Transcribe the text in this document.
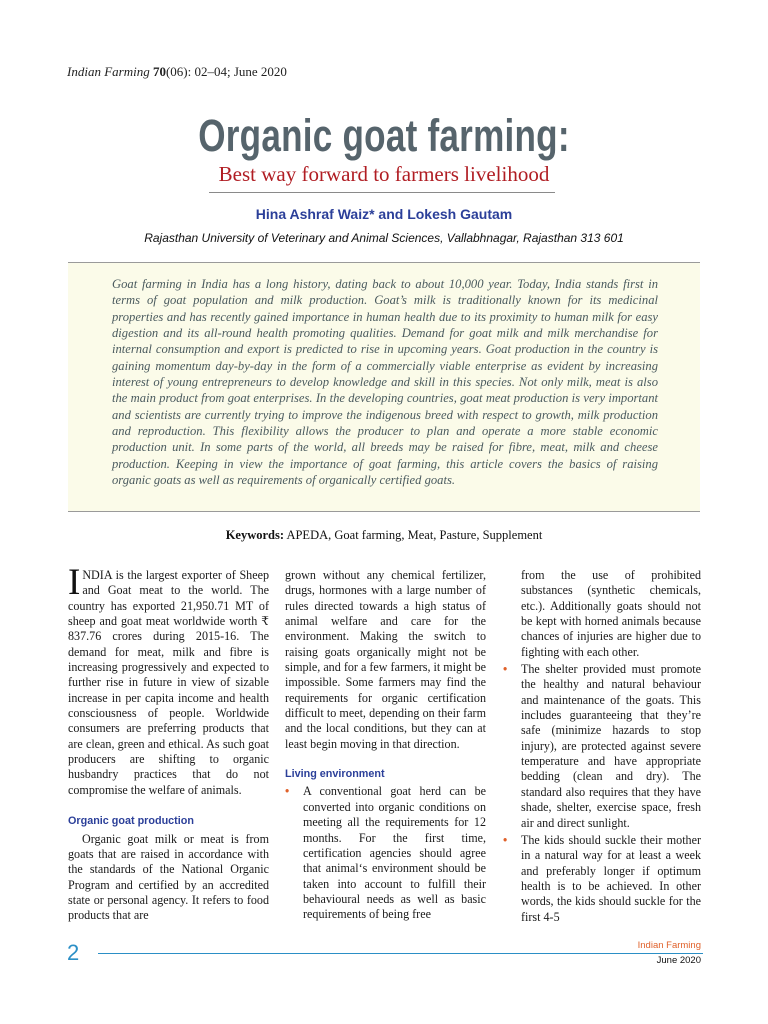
Indian Farming 70(06): 02–04; June 2020
Organic goat farming:
Best way forward to farmers livelihood
Hina Ashraf Waiz* and Lokesh Gautam
Rajasthan University of Veterinary and Animal Sciences, Vallabhnagar, Rajasthan 313 601
Goat farming in India has a long history, dating back to about 10,000 year. Today, India stands first in terms of goat population and milk production. Goat’s milk is traditionally known for its medicinal properties and has recently gained importance in human health due to its proximity to human milk for easy digestion and its all-round health promoting qualities. Demand for goat milk and milk merchandise for internal consumption and export is predicted to rise in upcoming years. Goat production in the country is gaining momentum day-by-day in the form of a commercially viable enterprise as evident by increasing interest of young entrepreneurs to develop knowledge and skill in this species. Not only milk, meat is also the main product from goat enterprises. In the developing countries, goat meat production is very important and scientists are currently trying to improve the indigenous breed with respect to growth, milk production and reproduction. This flexibility allows the producer to plan and operate a more stable economic production unit. In some parts of the world, all breeds may be raised for fibre, meat, milk and cheese production. Keeping in view the importance of goat farming, this article covers the basics of raising organic goats as well as requirements of organically certified goats.
Keywords: APEDA, Goat farming, Meat, Pasture, Supplement

INDIA is the largest exporter of Sheep and Goat meat to the world. The country has exported 21,950.71 MT of sheep and goat meat worldwide worth ₹ 837.76 crores during 2015-16. The demand for meat, milk and fibre is increasing progressively and expected to further rise in future in view of sizable increase in per capita income and health consciousness of people. Worldwide consumers are preferring products that are clean, green and ethical. As such goat producers are shifting to organic husbandry practices that do not compromise the welfare of animals.

Organic goat production

Organic goat milk or meat is from goats that are raised in accordance with the standards of the National Organic Program and certified by an accredited state or personal agency. It refers to food products that are

grown without any chemical fertilizer, drugs, hormones with a large number of rules directed towards a high status of animal welfare and care for the environment. Making the switch to raising goats organically might not be simple, and for a few farmers, it might be impossible. Some farmers may find the requirements for organic certification difficult to meet, depending on their farm and the local conditions, but they can at least begin moving in that direction.

Living environment
• A conventional goat herd can be converted into organic conditions on meeting all the requirements for 12 months. For the first time, certification agencies should agree that animal‘s environment should be taken into account to fulfill their behavioural needs as well as basic requirements of being free
from the use of prohibited substances (synthetic chemicals, etc.). Additionally goats should not be kept with horned animals because chances of injuries are higher due to fighting with each other.
• The shelter provided must promote the healthy and natural behaviour and maintenance of the goats. This includes guaranteeing that they’re safe (minimize hazards to stop injury), are protected against severe temperature and have appropriate bedding (clean and dry). The standard also requires that they have shade, shelter, exercise space, fresh air and direct sunlight.
• The kids should suckle their mother in a natural way for at least a week and preferably longer if optimum health is to be achieved. In other words, the kids should suckle for the first 4-5
2	Indian Farming
June 2020
